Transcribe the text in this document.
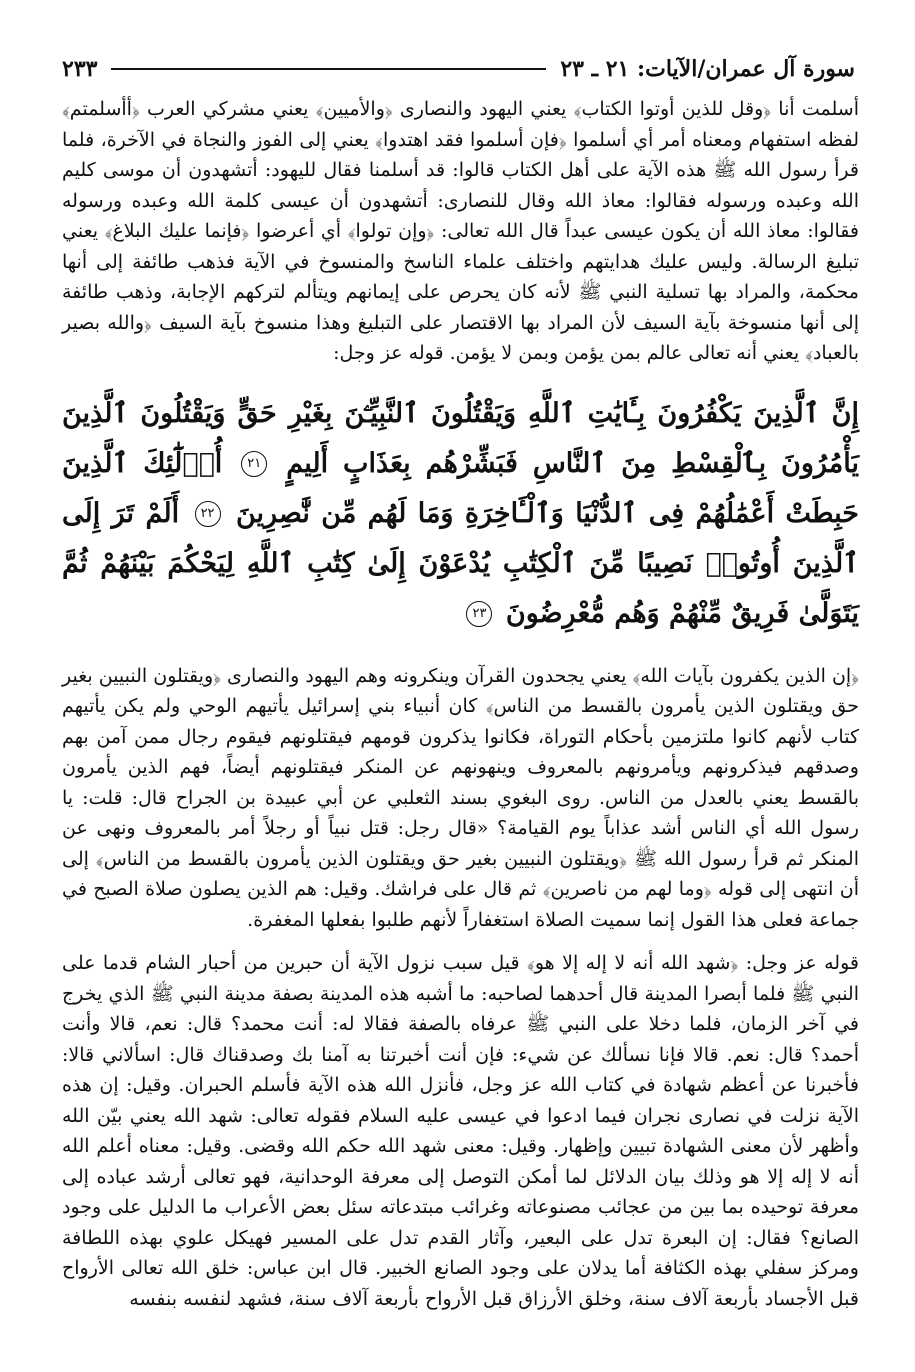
سورة آل عمران/الآيات: ٢١ ـ ٢٣
٢٣٣

أسلمت أنا ﴿وقل للذين أوتوا الكتاب﴾ يعني اليهود والنصارى ﴿والأميين﴾ يعني مشركي العرب ﴿أأسلمتم﴾ لفظه استفهام ومعناه أمر أي أسلموا ﴿فإن أسلموا فقد اهتدوا﴾ يعني إلى الفوز والنجاة في الآخرة، فلما قرأ رسول الله ﷺ هذه الآية على أهل الكتاب قالوا: قد أسلمنا فقال لليهود: أتشهدون أن موسى كليم الله وعبده ورسوله فقالوا: معاذ الله وقال للنصارى: أتشهدون أن عيسى كلمة الله وعبده ورسوله فقالوا: معاذ الله أن يكون عيسى عبداً قال الله تعالى: ﴿وإن تولوا﴾ أي أعرضوا ﴿فإنما عليك البلاغ﴾ يعني تبليغ الرسالة. وليس عليك هدايتهم واختلف علماء الناسخ والمنسوخ في الآية فذهب طائفة إلى أنها محكمة، والمراد بها تسلية النبي ﷺ لأنه كان يحرص على إيمانهم ويتألم لتركهم الإجابة، وذهب طائفة إلى أنها منسوخة بآية السيف لأن المراد بها الاقتصار على التبليغ وهذا منسوخ بآية السيف ﴿والله بصير بالعباد﴾ يعني أنه تعالى عالم بمن يؤمن وبمن لا يؤمن. قوله عز وجل:

إِنَّ ٱلَّذِينَ يَكْفُرُونَ بِـَٔايَٰتِ ٱللَّهِ وَيَقْتُلُونَ ٱلنَّبِيِّـۧنَ بِغَيْرِ حَقٍّ وَيَقْتُلُونَ ٱلَّذِينَ يَأْمُرُونَ بِٱلْقِسْطِ مِنَ ٱلنَّاسِ فَبَشِّرْهُم بِعَذَابٍ أَلِيمٍ ٢١ أُو۟لَٰٓئِكَ ٱلَّذِينَ حَبِطَتْ أَعْمَٰلُهُمْ فِى ٱلدُّنْيَا وَٱلْـَٔاخِرَةِ وَمَا لَهُم مِّن نَّٰصِرِينَ ٢٢ أَلَمْ تَرَ إِلَى ٱلَّذِينَ أُوتُوا۟ نَصِيبًا مِّنَ ٱلْكِتَٰبِ يُدْعَوْنَ إِلَىٰ كِتَٰبِ ٱللَّهِ لِيَحْكُمَ بَيْنَهُمْ ثُمَّ يَتَوَلَّىٰ فَرِيقٌ مِّنْهُمْ وَهُم مُّعْرِضُونَ ٢٣

﴿إن الذين يكفرون بآيات الله﴾ يعني يجحدون القرآن وينكرونه وهم اليهود والنصارى ﴿ويقتلون النبيين بغير حق ويقتلون الذين يأمرون بالقسط من الناس﴾ كان أنبياء بني إسرائيل يأتيهم الوحي ولم يكن يأتيهم كتاب لأنهم كانوا ملتزمين بأحكام التوراة، فكانوا يذكرون قومهم فيقتلونهم فيقوم رجال ممن آمن بهم وصدقهم فيذكرونهم ويأمرونهم بالمعروف وينهونهم عن المنكر فيقتلونهم أيضاً، فهم الذين يأمرون بالقسط يعني بالعدل من الناس. روى البغوي بسند الثعلبي عن أبي عبيدة بن الجراح قال: قلت: يا رسول الله أي الناس أشد عذاباً يوم القيامة؟ «قال رجل: قتل نبياً أو رجلاً أمر بالمعروف ونهى عن المنكر ثم قرأ رسول الله ﷺ ﴿ويقتلون النبيين بغير حق ويقتلون الذين يأمرون بالقسط من الناس﴾ إلى أن انتهى إلى قوله ﴿وما لهم من ناصرين﴾ ثم قال على فراشك. وقيل: هم الذين يصلون صلاة الصبح في جماعة فعلى هذا القول إنما سميت الصلاة استغفاراً لأنهم طلبوا بفعلها المغفرة.

قوله عز وجل: ﴿شهد الله أنه لا إله إلا هو﴾ قيل سبب نزول الآية أن حبرين من أحبار الشام قدما على النبي ﷺ فلما أبصرا المدينة قال أحدهما لصاحبه: ما أشبه هذه المدينة بصفة مدينة النبي ﷺ الذي يخرج في آخر الزمان، فلما دخلا على النبي ﷺ عرفاه بالصفة فقالا له: أنت محمد؟ قال: نعم، قالا وأنت أحمد؟ قال: نعم. قالا فإنا نسألك عن شيء: فإن أنت أخبرتنا به آمنا بك وصدقناك قال: اسألاني قالا: فأخبرنا عن أعظم شهادة في كتاب الله عز وجل، فأنزل الله هذه الآية فأسلم الحبران. وقيل: إن هذه الآية نزلت في نصارى نجران فيما ادعوا في عيسى عليه السلام فقوله تعالى: شهد الله يعني بيّن الله وأظهر لأن معنى الشهادة تبيين وإظهار. وقيل: معنى شهد الله حكم الله وقضى. وقيل: معناه أعلم الله أنه لا إله إلا هو وذلك بيان الدلائل لما أمكن التوصل إلى معرفة الوحدانية، فهو تعالى أرشد عباده إلى معرفة توحيده بما بين من عجائب مصنوعاته وغرائب مبتدعاته سئل بعض الأعراب ما الدليل على وجود الصانع؟ فقال: إن البعرة تدل على البعير، وآثار القدم تدل على المسير فهيكل علوي بهذه اللطافة ومركز سفلي بهذه الكثافة أما يدلان على وجود الصانع الخبير. قال ابن عباس: خلق الله تعالى الأرواح قبل الأجساد بأربعة آلاف سنة، وخلق الأرزاق قبل الأرواح بأربعة آلاف سنة، فشهد لنفسه بنفسه
